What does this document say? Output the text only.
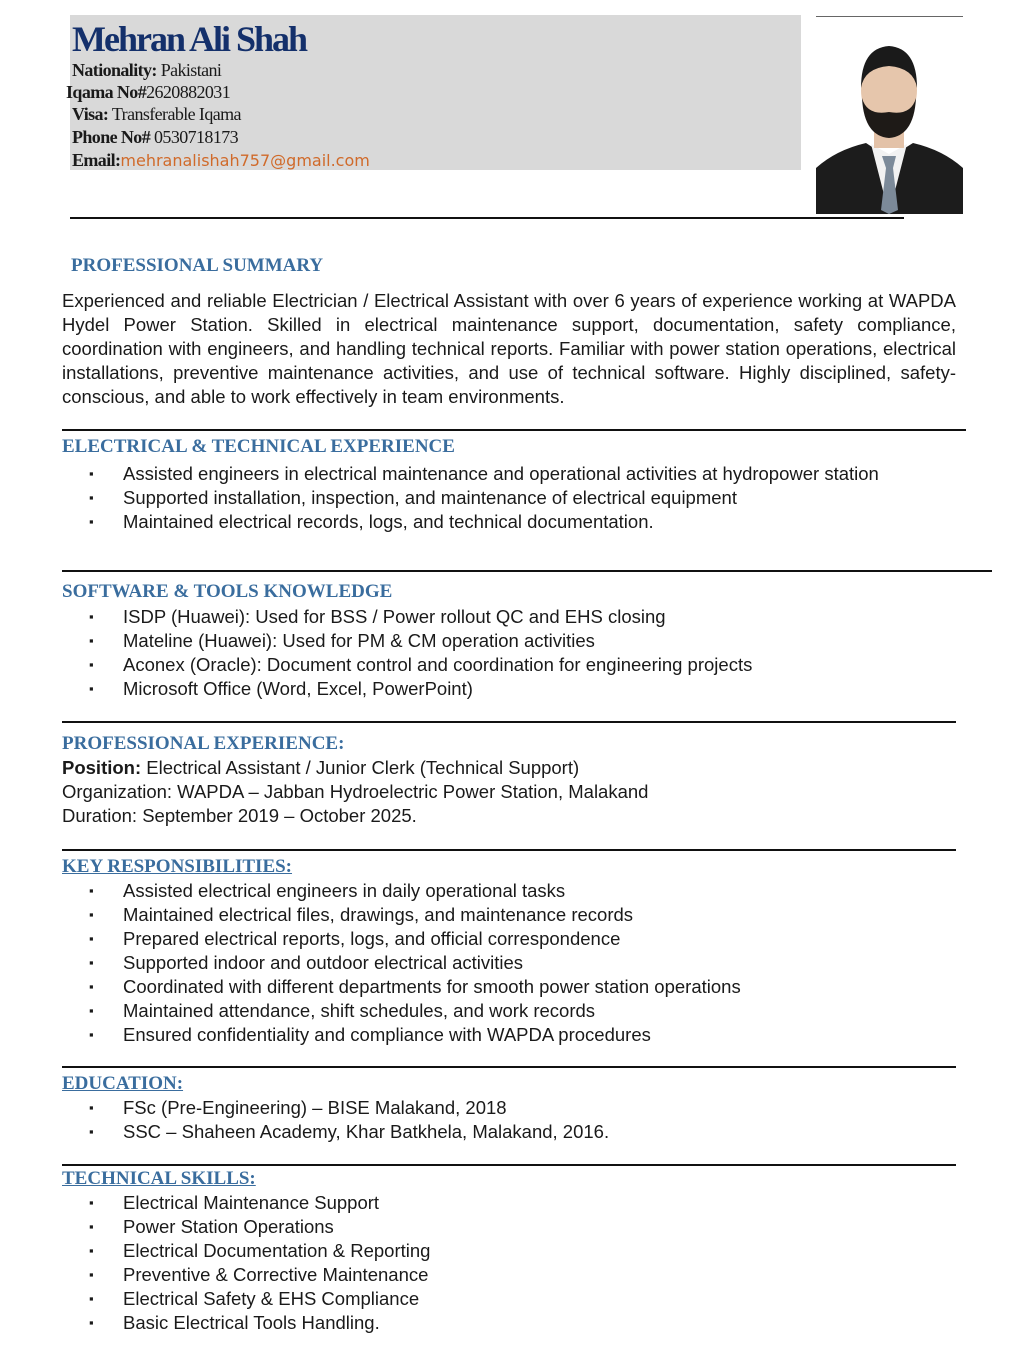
Mehran Ali Shah
Nationality: Pakistani
Iqama No#2620882031
Visa: Transferable Iqama
Phone No# 0530718173
Email:mehranalishah757@gmail.com
PROFESSIONAL SUMMARY
Experienced and reliable Electrician / Electrical Assistant with over 6 years of experience working at WAPDA Hydel Power Station. Skilled in electrical maintenance support, documentation, safety compliance, coordination with engineers, and handling technical reports. Familiar with power station operations, electrical installations, preventive maintenance activities, and use of technical software. Highly disciplined, safety-conscious, and able to work effectively in team environments.
ELECTRICAL & TECHNICAL EXPERIENCE
▪ Assisted engineers in electrical maintenance and operational activities at hydropower station
▪ Supported installation, inspection, and maintenance of electrical equipment
▪ Maintained electrical records, logs, and technical documentation.
SOFTWARE & TOOLS KNOWLEDGE
▪ ISDP (Huawei): Used for BSS / Power rollout QC and EHS closing
▪ Mateline (Huawei): Used for PM & CM operation activities
▪ Aconex (Oracle): Document control and coordination for engineering projects
▪ Microsoft Office (Word, Excel, PowerPoint)
PROFESSIONAL EXPERIENCE:
Position: Electrical Assistant / Junior Clerk (Technical Support)
Organization: WAPDA – Jabban Hydroelectric Power Station, Malakand
Duration: September 2019 – October 2025.
KEY RESPONSIBILITIES:
▪ Assisted electrical engineers in daily operational tasks
▪ Maintained electrical files, drawings, and maintenance records
▪ Prepared electrical reports, logs, and official correspondence
▪ Supported indoor and outdoor electrical activities
▪ Coordinated with different departments for smooth power station operations
▪ Maintained attendance, shift schedules, and work records
▪ Ensured confidentiality and compliance with WAPDA procedures
EDUCATION:
▪ FSc (Pre-Engineering) – BISE Malakand, 2018
▪ SSC – Shaheen Academy, Khar Batkhela, Malakand, 2016.
TECHNICAL SKILLS:
▪ Electrical Maintenance Support
▪ Power Station Operations
▪ Electrical Documentation & Reporting
▪ Preventive & Corrective Maintenance
▪ Electrical Safety & EHS Compliance
▪ Basic Electrical Tools Handling.
